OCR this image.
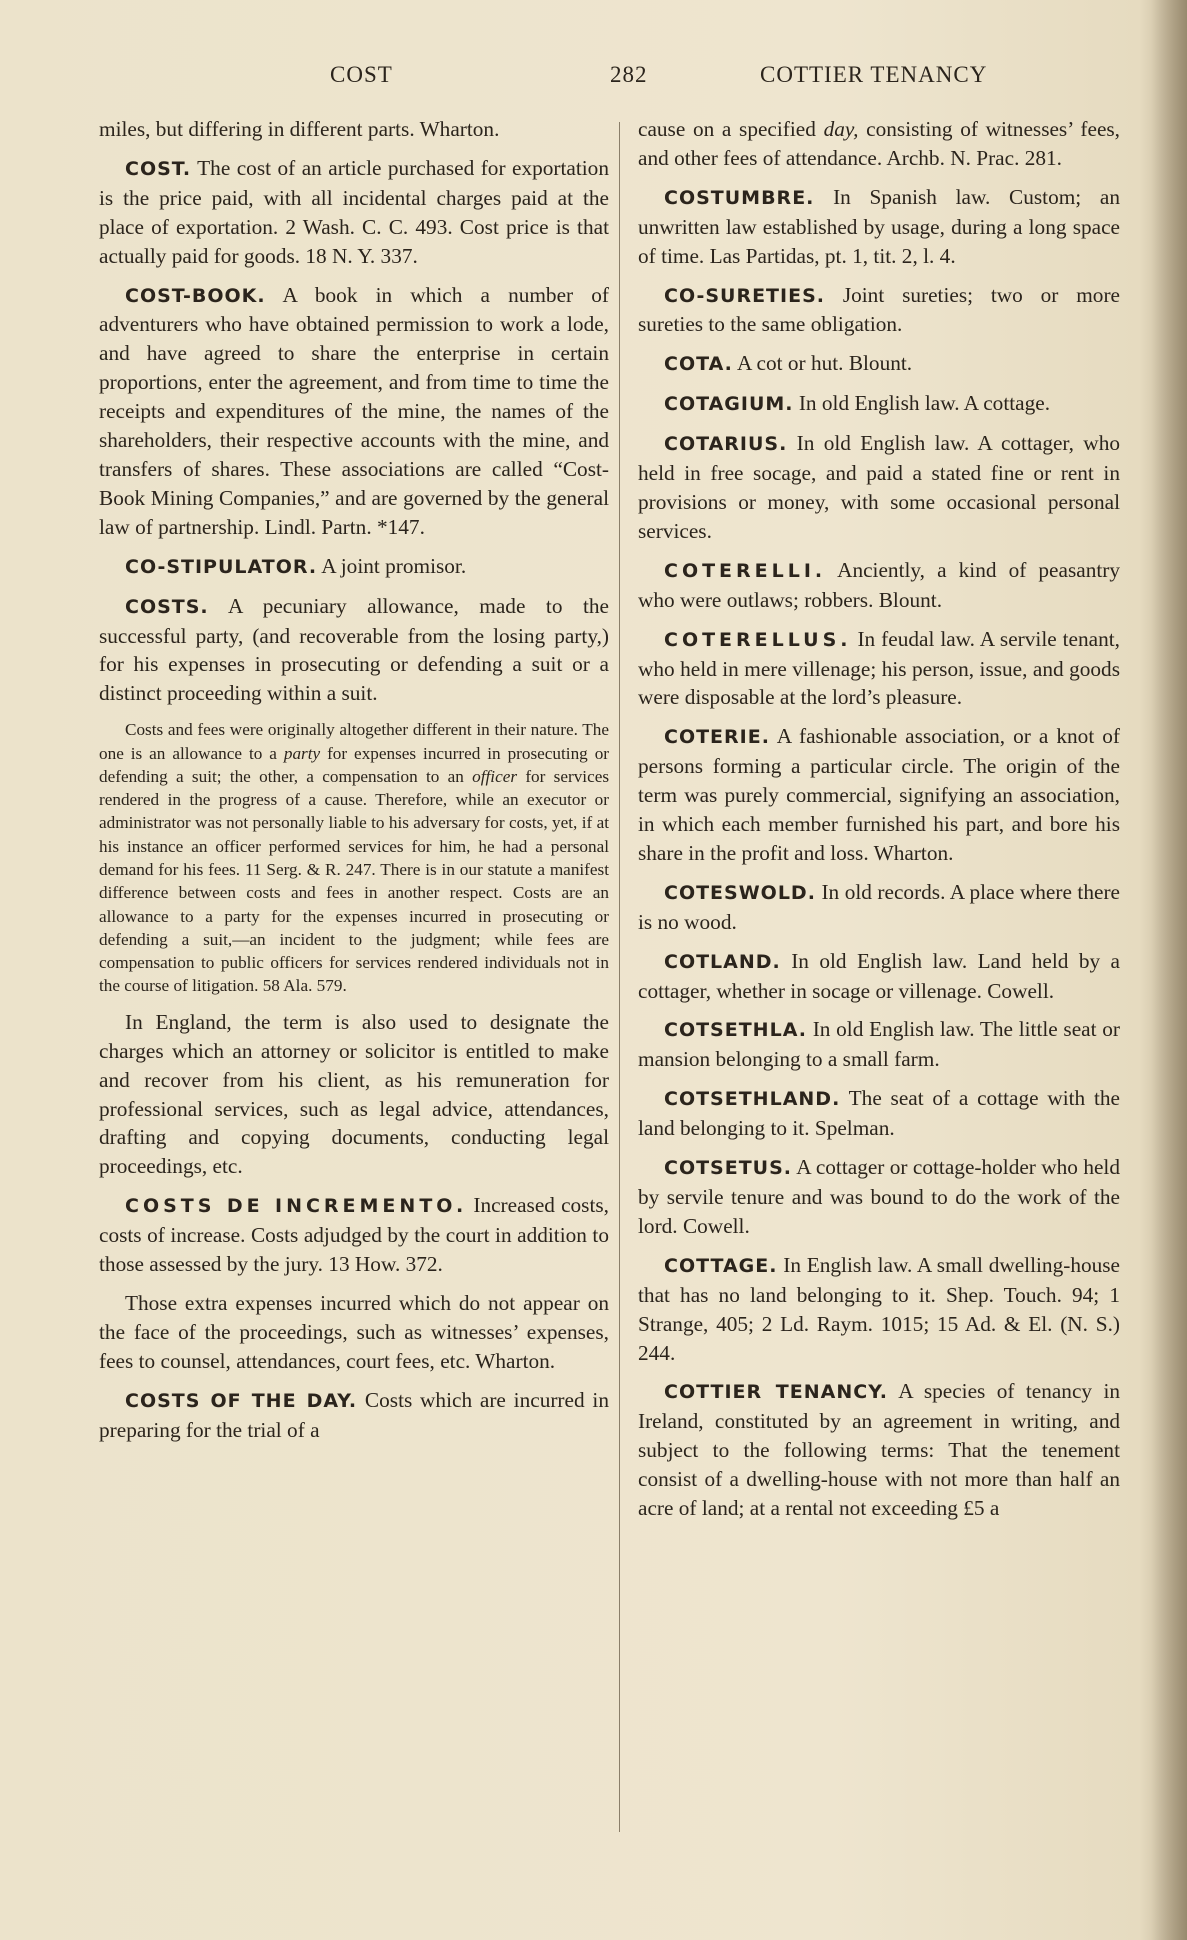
COST	282	COTTIER TENANCY

miles, but differing in different parts. Wharton.

COST. The cost of an article purchased for exportation is the price paid, with all incidental charges paid at the place of exportation. 2 Wash. C. C. 493. Cost price is that actually paid for goods. 18 N. Y. 337.

COST-BOOK. A book in which a number of adventurers who have obtained permission to work a lode, and have agreed to share the enterprise in certain proportions, enter the agreement, and from time to time the receipts and expenditures of the mine, the names of the shareholders, their respective accounts with the mine, and transfers of shares. These associations are called “Cost-Book Mining Companies,” and are governed by the general law of partnership. Lindl. Partn. *147.

CO-STIPULATOR. A joint promisor.

COSTS. A pecuniary allowance, made to the successful party, (and recoverable from the losing party,) for his expenses in prosecuting or defending a suit or a distinct proceeding within a suit.

Costs and fees were originally altogether different in their nature. The one is an allowance to a party for expenses incurred in prosecuting or defending a suit; the other, a compensation to an officer for services rendered in the progress of a cause. Therefore, while an executor or administrator was not personally liable to his adversary for costs, yet, if at his instance an officer performed services for him, he had a personal demand for his fees. 11 Serg. & R. 247. There is in our statute a manifest difference between costs and fees in another respect. Costs are an allowance to a party for the expenses incurred in prosecuting or defending a suit,—an incident to the judgment; while fees are compensation to public officers for services rendered individuals not in the course of litigation. 58 Ala. 579.

In England, the term is also used to designate the charges which an attorney or solicitor is entitled to make and recover from his client, as his remuneration for professional services, such as legal advice, attendances, drafting and copying documents, conducting legal proceedings, etc.

COSTS DE INCREMENTO. Increased costs, costs of increase. Costs adjudged by the court in addition to those assessed by the jury. 13 How. 372.

Those extra expenses incurred which do not appear on the face of the proceedings, such as witnesses’ expenses, fees to counsel, attendances, court fees, etc. Wharton.

COSTS OF THE DAY. Costs which are incurred in preparing for the trial of a

cause on a specified day, consisting of witnesses’ fees, and other fees of attendance. Archb. N. Prac. 281.

COSTUMBRE. In Spanish law. Custom; an unwritten law established by usage, during a long space of time. Las Partidas, pt. 1, tit. 2, l. 4.

CO-SURETIES. Joint sureties; two or more sureties to the same obligation.

COTA. A cot or hut. Blount.

COTAGIUM. In old English law. A cottage.

COTARIUS. In old English law. A cottager, who held in free socage, and paid a stated fine or rent in provisions or money, with some occasional personal services.

COTERELLI. Anciently, a kind of peasantry who were outlaws; robbers. Blount.

COTERELLUS. In feudal law. A servile tenant, who held in mere villenage; his person, issue, and goods were disposable at the lord’s pleasure.

COTERIE. A fashionable association, or a knot of persons forming a particular circle. The origin of the term was purely commercial, signifying an association, in which each member furnished his part, and bore his share in the profit and loss. Wharton.

COTESWOLD. In old records. A place where there is no wood.

COTLAND. In old English law. Land held by a cottager, whether in socage or villenage. Cowell.

COTSETHLA. In old English law. The little seat or mansion belonging to a small farm.

COTSETHLAND. The seat of a cottage with the land belonging to it. Spelman.

COTSETUS. A cottager or cottage-holder who held by servile tenure and was bound to do the work of the lord. Cowell.

COTTAGE. In English law. A small dwelling-house that has no land belonging to it. Shep. Touch. 94; 1 Strange, 405; 2 Ld. Raym. 1015; 15 Ad. & El. (N. S.) 244.

COTTIER TENANCY. A species of tenancy in Ireland, constituted by an agreement in writing, and subject to the following terms: That the tenement consist of a dwelling-house with not more than half an acre of land; at a rental not exceeding £5 a
